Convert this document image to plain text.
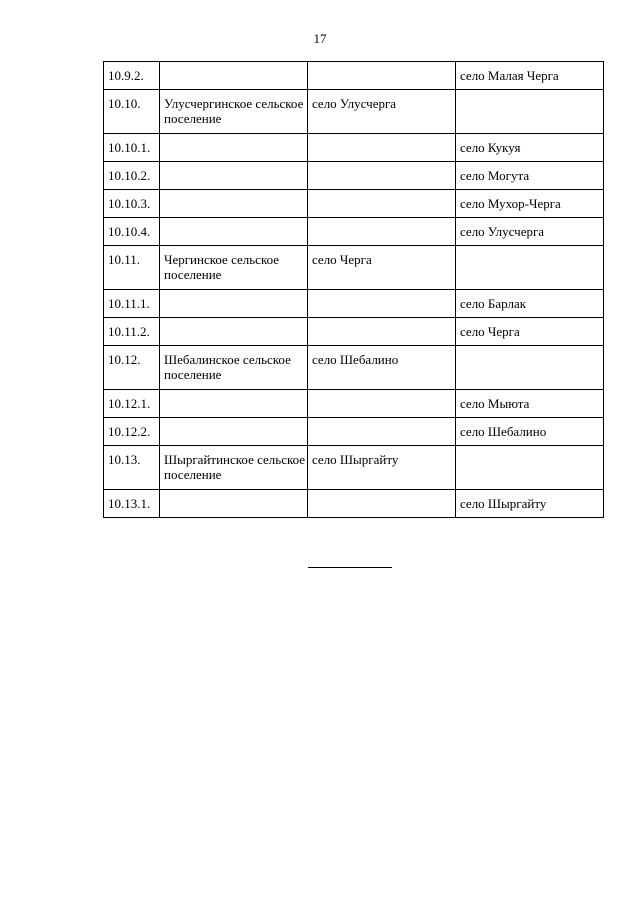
17
10.9.2.			село Малая Черга
10.10.	Улусчергинское сельское поселение	село Улусчерга	
10.10.1.			село Кукуя
10.10.2.			село Могута
10.10.3.			село Мухор-Черга
10.10.4.			село Улусчерга
10.11.	Чергинское сельское поселение	село Черга	
10.11.1.			село Барлак
10.11.2.			село Черга
10.12.	Шебалинское сельское поселение	село Шебалино	
10.12.1.			село Мыюта
10.12.2.			село Шебалино
10.13.	Шыргайтинское сельское поселение	село Шыргайту	
10.13.1.			село Шыргайту
